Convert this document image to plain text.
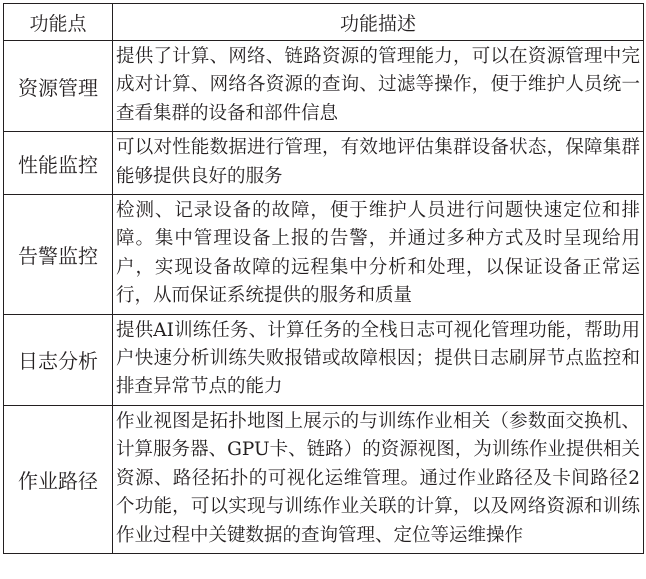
功能点	功能描述
资源管理	提供了计算、网络、链路资源的管理能力，可以在资源管理中完成对计算、网络各资源的查询、过滤等操作，便于维护人员统一查看集群的设备和部件信息
性能监控	可以对性能数据进行管理，有效地评估集群设备状态，保障集群能够提供良好的服务
告警监控	检测、记录设备的故障，便于维护人员进行问题快速定位和排障。集中管理设备上报的告警，并通过多种方式及时呈现给用户，实现设备故障的远程集中分析和处理，以保证设备正常运行，从而保证系统提供的服务和质量
日志分析	提供AI训练任务、计算任务的全栈日志可视化管理功能，帮助用户快速分析训练失败报错或故障根因；提供日志刷屏节点监控和排查异常节点的能力
作业路径	作业视图是拓扑地图上展示的与训练作业相关（参数面交换机、计算服务器、GPU卡、链路）的资源视图，为训练作业提供相关资源、路径拓扑的可视化运维管理。通过作业路径及卡间路径2个功能，可以实现与训练作业关联的计算，以及网络资源和训练作业过程中关键数据的查询管理、定位等运维操作
